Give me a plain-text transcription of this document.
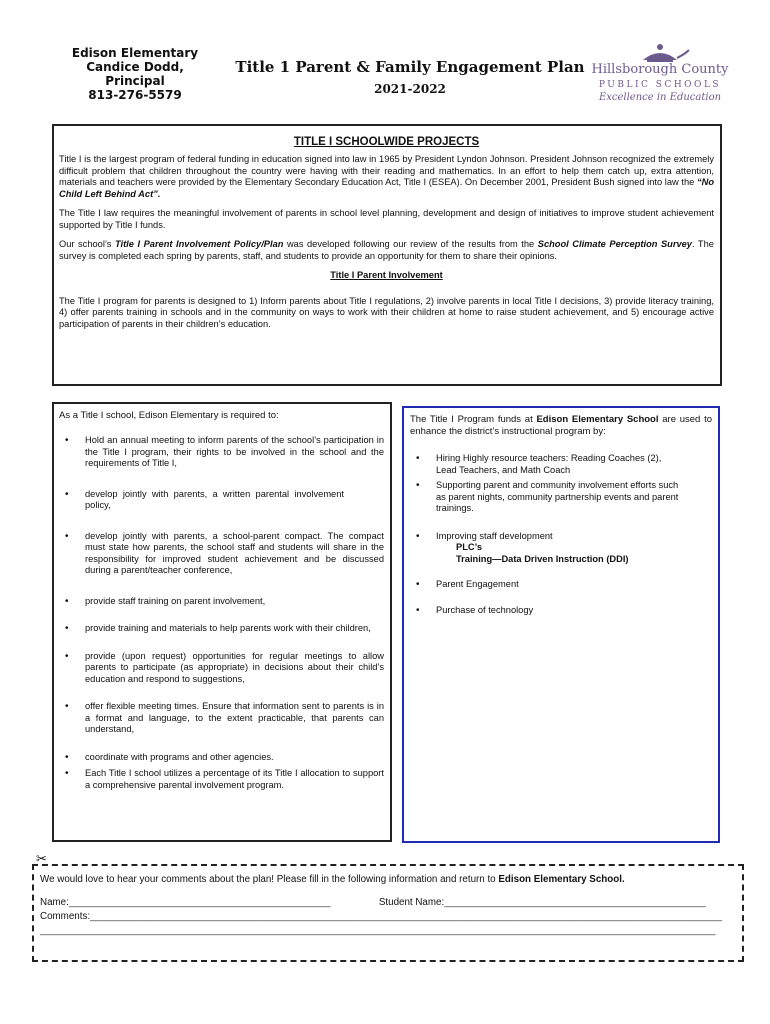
Edison Elementary
Candice Dodd, Principal
813-276-5579
Title 1 Parent & Family Engagement Plan
2021-2022
Hillsborough County
PUBLIC SCHOOLS
Excellence in Education
TITLE I SCHOOLWIDE PROJECTS

Title I is the largest program of federal funding in education signed into law in 1965 by President Lyndon Johnson. President Johnson recognized the extremely difficult problem that children throughout the country were having with their reading and mathematics. In an effort to help them catch up, extra attention, materials and teachers were provided by the Elementary Secondary Education Act, Title I (ESEA). On December 2001, President Bush signed into law the “No Child Left Behind Act”.

The Title I law requires the meaningful involvement of parents in school level planning, development and design of initiatives to improve student achievement supported by Title I funds.

Our school’s Title I Parent Involvement Policy/Plan was developed following our review of the results from the School Climate Perception Survey. The survey is completed each spring by parents, staff, and students to provide an opportunity for them to share their opinions.

Title I Parent Involvement

The Title I program for parents is designed to 1) Inform parents about Title I regulations, 2) involve parents in local Title I decisions, 3) provide literacy training, 4) offer parents training in schools and in the community on ways to work with their children at home to raise student achievement, and 5) encourage active participation of parents in their children’s education.

As a Title I school, Edison Elementary is required to:

• Hold an annual meeting to inform parents of the school’s participation in the Title I program, their rights to be involved in the school and the requirements of Title I,
• develop jointly with parents, a written parental involvement policy,
• develop jointly with parents, a school-parent compact. The compact must state how parents, the school staff and students will share in the responsibility for improved student achievement and be discussed during a parent/teacher conference,
• provide staff training on parent involvement,
• provide training and materials to help parents work with their children,
• provide (upon request) opportunities for regular meetings to allow parents to participate (as appropriate) in decisions about their child’s education and respond to suggestions,
• offer flexible meeting times. Ensure that information sent to parents is in a format and language, to the extent practicable, that parents can understand,
• coordinate with programs and other agencies.
• Each Title I school utilizes a percentage of its Title I allocation to support a comprehensive parental involvement program.

The Title I Program funds at Edison Elementary School are used to enhance the district’s instructional program by:

• Hiring Highly resource teachers: Reading Coaches (2), Lead Teachers, and Math Coach
• Supporting parent and community involvement efforts such as parent nights, community partnership events and parent trainings.
• Improving staff development
PLC’s
Training—Data Driven Instruction (DDI)
• Parent Engagement
• Purchase of technology
✂

We would love to hear your comments about the plan! Please fill in the following information and return to Edison Elementary School.

Name: ________________________________________________	Student Name: ________________________________________________
Comments: ____________________________________________________________________________________________________________________
____________________________________________________________________________________________________________________________
